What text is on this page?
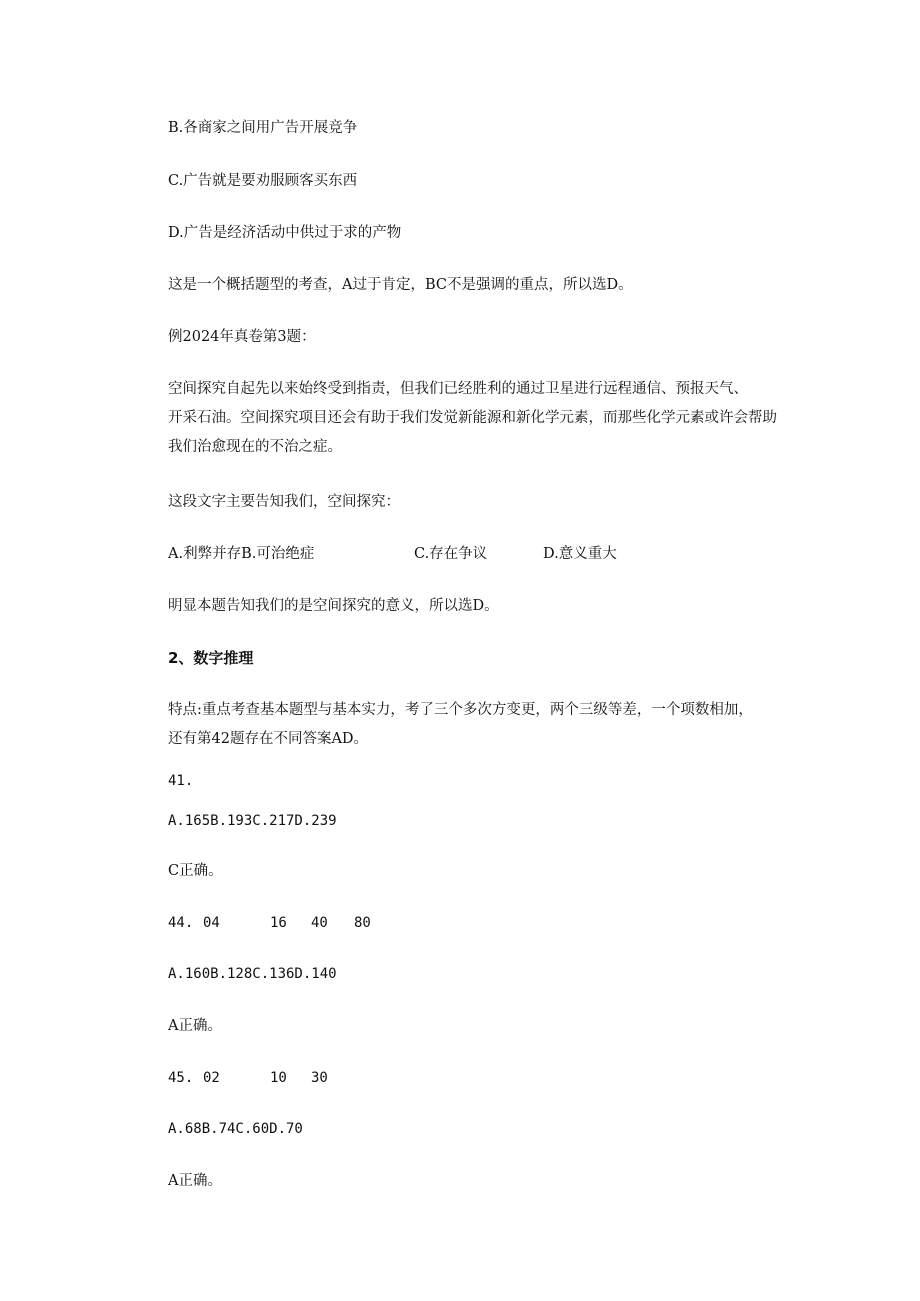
B.各商家之间用广告开展竞争
C.广告就是要劝服顾客买东西
D.广告是经济活动中供过于求的产物
这是一个概括题型的考查，A过于肯定，BC不是强调的重点，所以选D。
例2024年真卷第3题：
空间探究自起先以来始终受到指责，但我们已经胜利的通过卫星进行远程通信、预报天气、
开采石油。空间探究项目还会有助于我们发觉新能源和新化学元素，而那些化学元素或许会帮助
我们治愈现在的不治之症。
这段文字主要告知我们，空间探究：
A.利弊并存B.可治绝症	C.存在争议	D.意义重大
明显本题告知我们的是空间探究的意义，所以选D。
2、数字推理
特点:重点考查基本题型与基本实力，考了三个多次方变更，两个三级等差，一个项数相加，
还有第42题存在不同答案AD。
41.
A.165B.193C.217D.239
C正确。
44. 04	16 40 80
A.160B.128C.136D.140
A正确。
45. 02	10 30
A.68B.74C.60D.70
A正确。
